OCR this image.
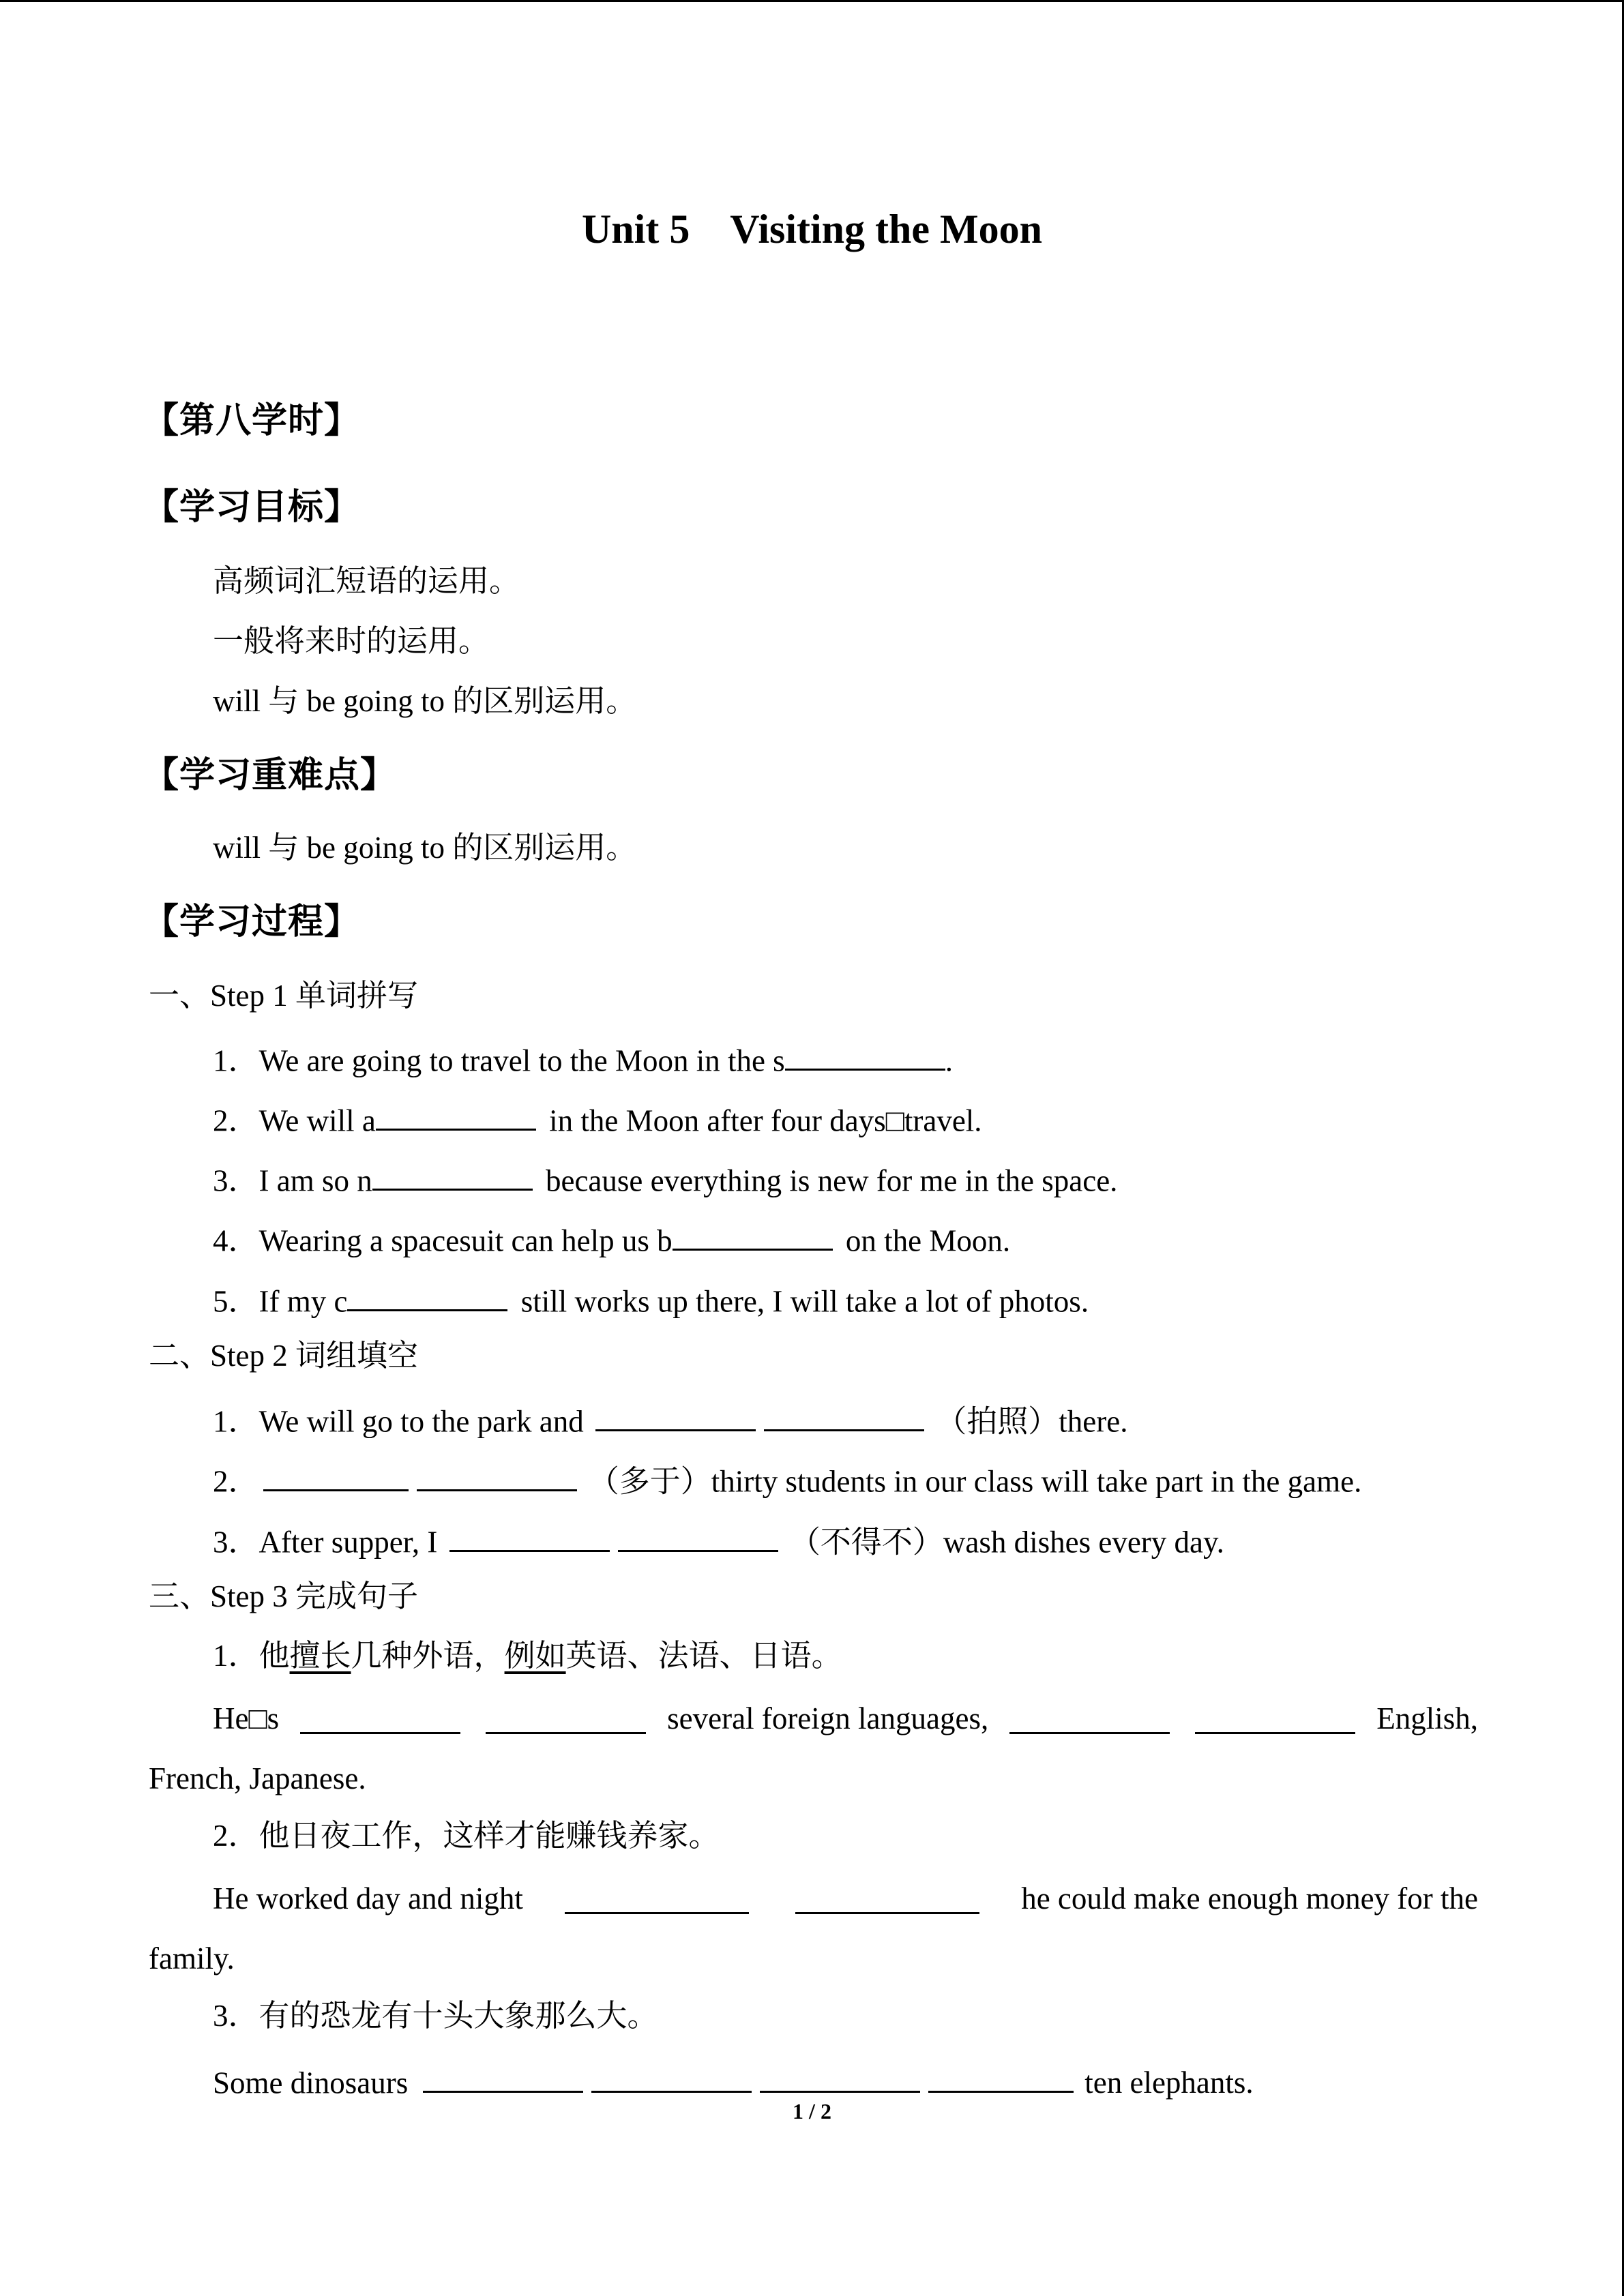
Unit 5    Visiting the Moon
【第八学时】
【学习目标】
高频词汇短语的运用。
一般将来时的运用。
will 与 be going to 的区别运用。
【学习重难点】
will 与 be going to 的区别运用。
【学习过程】
一、Step 1 单词拼写
1．We are going to travel to the Moon in the s	.
2．We will a	in the Moon after four days□travel.
3．I am so n	because everything is new for me in the space.
4．Wearing a spacesuit can help us b	on the Moon.
5．If my c	still works up there, I will take a lot of photos.
二、Step 2 词组填空
1．We will go to the park and	（拍照）there.
2．	（多于）thirty students in our class will take part in the game.
3．After supper, I	（不得不）wash dishes every day.
三、Step 3 完成句子
1．他擅长几种外语，例如英语、法语、日语。
He□s	several foreign languages,	English,
French, Japanese.
2．他日夜工作，这样才能赚钱养家。
He worked day and night	he could make enough money for the
family.
3．有的恐龙有十头大象那么大。
Some dinosaurs	ten elephants.
1 / 2
